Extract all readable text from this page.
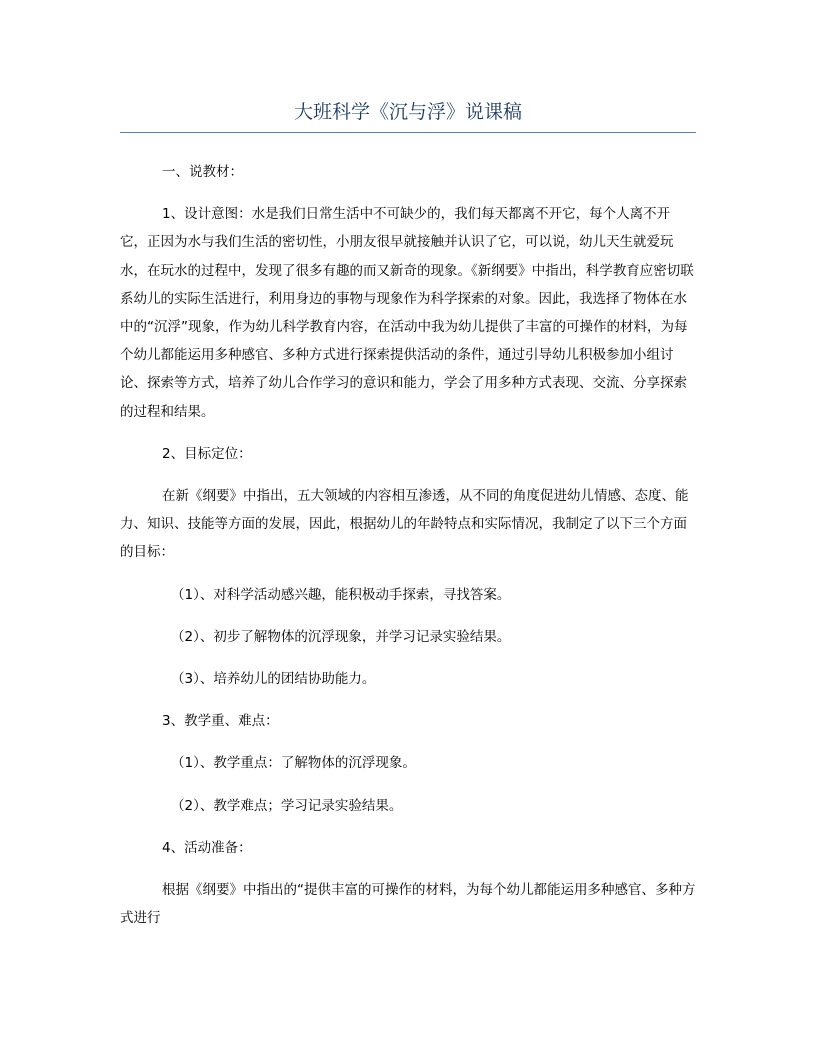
大班科学《沉与浮》说课稿

一、说教材：

1、设计意图：水是我们日常生活中不可缺少的，我们每天都离不开它，每个人离不开它，正因为水与我们生活的密切性，小朋友很早就接触并认识了它，可以说，幼儿天生就爱玩水，在玩水的过程中，发现了很多有趣的而又新奇的现象。《新纲要》中指出，科学教育应密切联系幼儿的实际生活进行，利用身边的事物与现象作为科学探索的对象。因此，我选择了物体在水中的“沉浮”现象，作为幼儿科学教育内容，在活动中我为幼儿提供了丰富的可操作的材料，为每个幼儿都能运用多种感官、多种方式进行探索提供活动的条件，通过引导幼儿积极参加小组讨论、探索等方式，培养了幼儿合作学习的意识和能力，学会了用多种方式表现、交流、分享探索的过程和结果。

2、目标定位：

在新《纲要》中指出，五大领域的内容相互渗透，从不同的角度促进幼儿情感、态度、能力、知识、技能等方面的发展，因此，根据幼儿的年龄特点和实际情况，我制定了以下三个方面的目标：

（1）、对科学活动感兴趣，能积极动手探索，寻找答案。

（2）、初步了解物体的沉浮现象，并学习记录实验结果。

（3）、培养幼儿的团结协助能力。

3、教学重、难点：

（1）、教学重点：了解物体的沉浮现象。

（2）、教学难点；学习记录实验结果。

4、活动准备：

根据《纲要》中指出的“提供丰富的可操作的材料，为每个幼儿都能运用多种感官、多种方式进行
